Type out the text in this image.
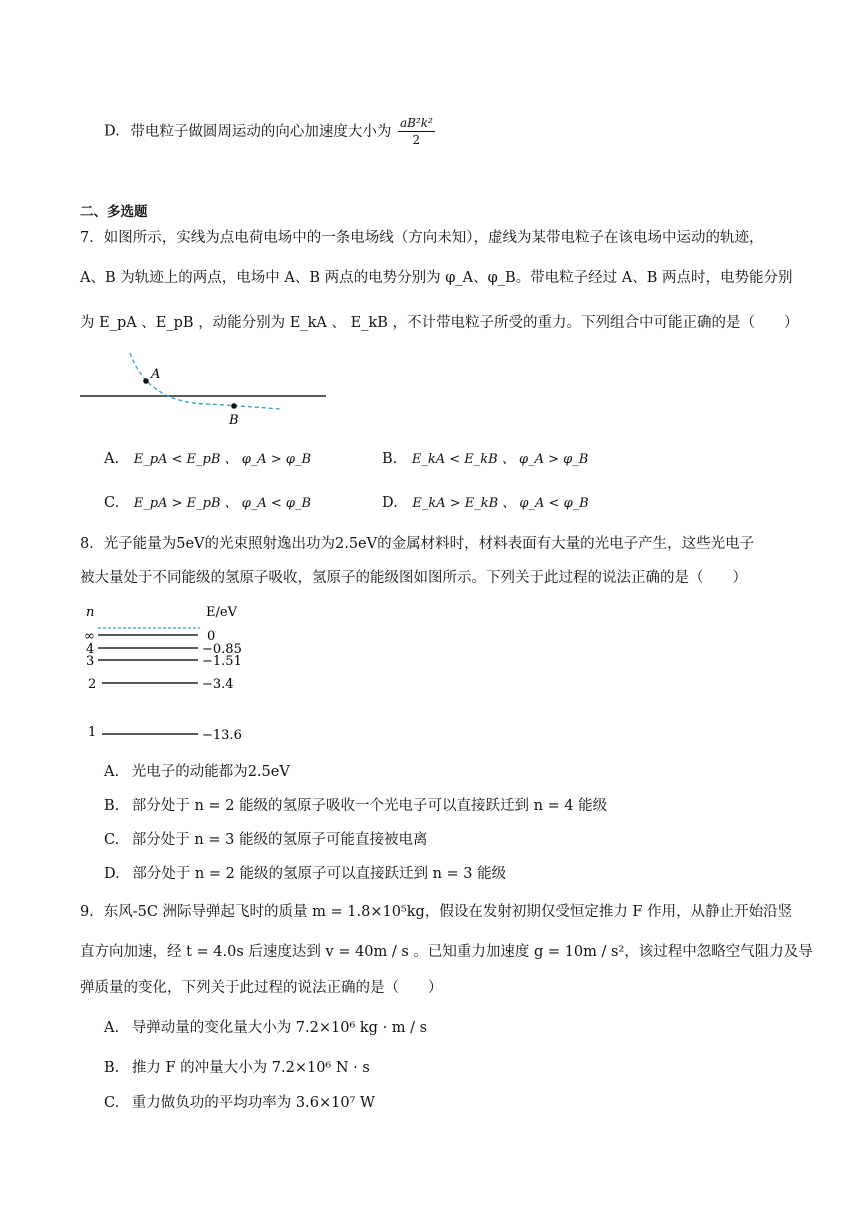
D. 带电粒子做圆周运动的向心加速度大小为 $\frac{\text{aB²k²}}{2}$
二、多选题
7．如图所示，实线为点电荷电场中的一条电场线（方向未知），虚线为某带电粒子在该电场中运动的轨迹，
A、B 为轨迹上的两点，电场中 A、B 两点的电势分别为 φ_A、φ_B。带电粒子经过 A、B 两点时，电势能分别
为 E_pA 、E_pB ，动能分别为 E_kA 、 E_kB ，不计带电粒子所受的重力。下列组合中可能正确的是（　　）
A
B
A. E_pA < E_pB 、 φ_A > φ_B	B. E_kA < E_kB 、 φ_A > φ_B
C. E_pA > E_pB 、 φ_A < φ_B	D. E_kA > E_kB 、 φ_A < φ_B
8．光子能量为5eV的光束照射逸出功为2.5eV的金属材料时，材料表面有大量的光电子产生，这些光电子
被大量处于不同能级的氢原子吸收，氢原子的能级图如图所示。下列关于此过程的说法正确的是（　　）
n	E/eV
∞	0
4	−0.85
3	−1.51
2	−3.4
1	−13.6
A. 光电子的动能都为2.5eV
B. 部分处于 n = 2 能级的氢原子吸收一个光电子可以直接跃迁到 n = 4 能级
C. 部分处于 n = 3 能级的氢原子可能直接被电离
D. 部分处于 n = 2 能级的氢原子可以直接跃迁到 n = 3 能级
9．东风-5C 洲际导弹起飞时的质量 m = 1.8×10⁵kg，假设在发射初期仅受恒定推力 F 作用，从静止开始沿竖
直方向加速，经 t = 4.0s 后速度达到 v = 40m / s 。已知重力加速度 g = 10m / s²，该过程中忽略空气阻力及导
弹质量的变化，下列关于此过程的说法正确的是（　　）
A. 导弹动量的变化量大小为 7.2×10⁶ kg · m / s
B. 推力 F 的冲量大小为 7.2×10⁶ N · s
C. 重力做负功的平均功率为 3.6×10⁷ W
